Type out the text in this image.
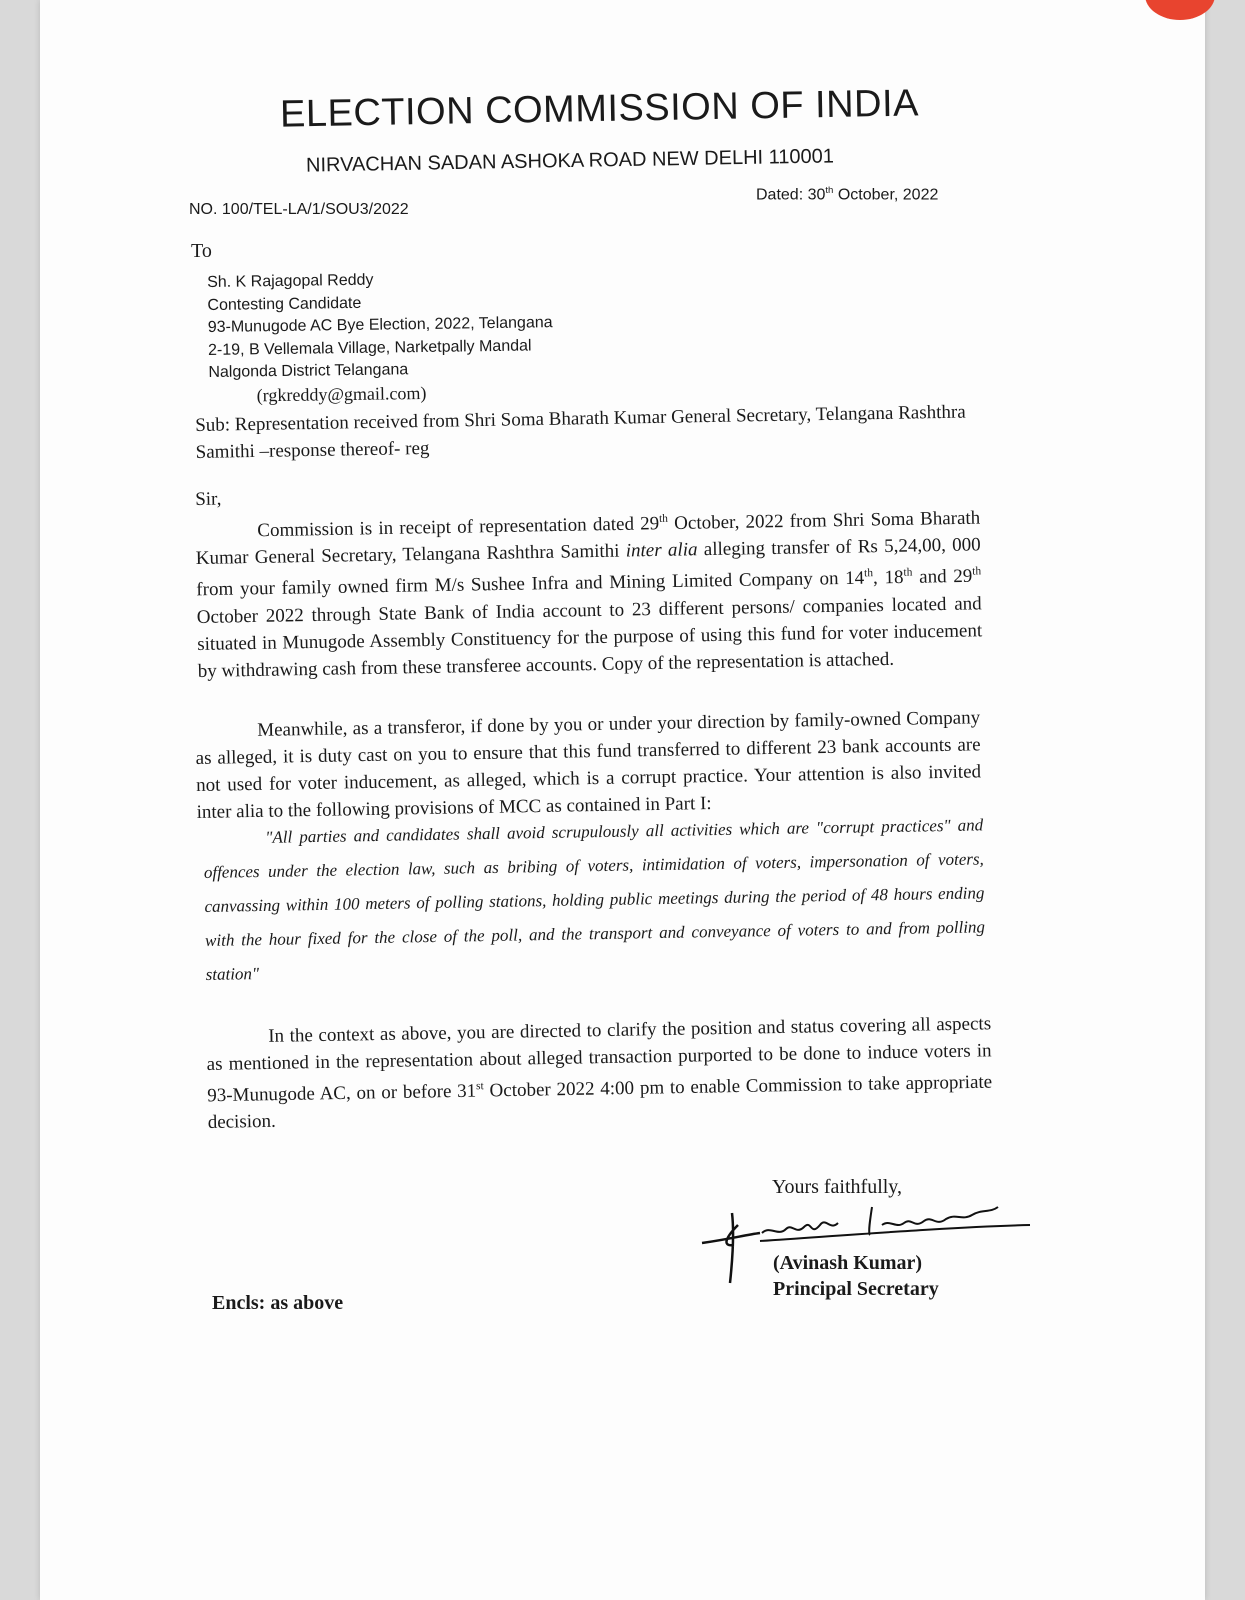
ELECTION COMMISSION OF INDIA
NIRVACHAN SADAN ASHOKA ROAD NEW DELHI 110001
NO. 100/TEL-LA/1/SOU3/2022
Dated: 30th October, 2022
To
Sh. K Rajagopal Reddy
Contesting Candidate
93-Munugode AC Bye Election, 2022, Telangana
2-19, B Vellemala Village, Narketpally Mandal
Nalgonda District Telangana
(rgkreddy@gmail.com)
Sub: Representation received from Shri Soma Bharath Kumar General Secretary, Telangana Rashthra Samithi –response thereof- reg
Sir,
Commission is in receipt of representation dated 29th October, 2022 from Shri Soma Bharath Kumar General Secretary, Telangana Rashthra Samithi inter alia alleging transfer of Rs 5,24,00, 000 from your family owned firm M/s Sushee Infra and Mining Limited Company on 14th, 18th and 29th October 2022 through State Bank of India account to 23 different persons/ companies located and situated in Munugode Assembly Constituency for the purpose of using this fund for voter inducement by withdrawing cash from these transferee accounts. Copy of the representation is attached.
Meanwhile, as a transferor, if done by you or under your direction by family-owned Company as alleged, it is duty cast on you to ensure that this fund transferred to different 23 bank accounts are not used for voter inducement, as alleged, which is a corrupt practice. Your attention is also invited inter alia to the following provisions of MCC as contained in Part I:
"All parties and candidates shall avoid scrupulously all activities which are "corrupt practices" and offences under the election law, such as bribing of voters, intimidation of voters, impersonation of voters, canvassing within 100 meters of polling stations, holding public meetings during the period of 48 hours ending with the hour fixed for the close of the poll, and the transport and conveyance of voters to and from polling station"
In the context as above, you are directed to clarify the position and status covering all aspects as mentioned in the representation about alleged transaction purported to be done to induce voters in 93-Munugode AC, on or before 31st October 2022 4:00 pm to enable Commission to take appropriate decision.
Yours faithfully,
(Avinash Kumar)
Principal Secretary
Encls: as above
